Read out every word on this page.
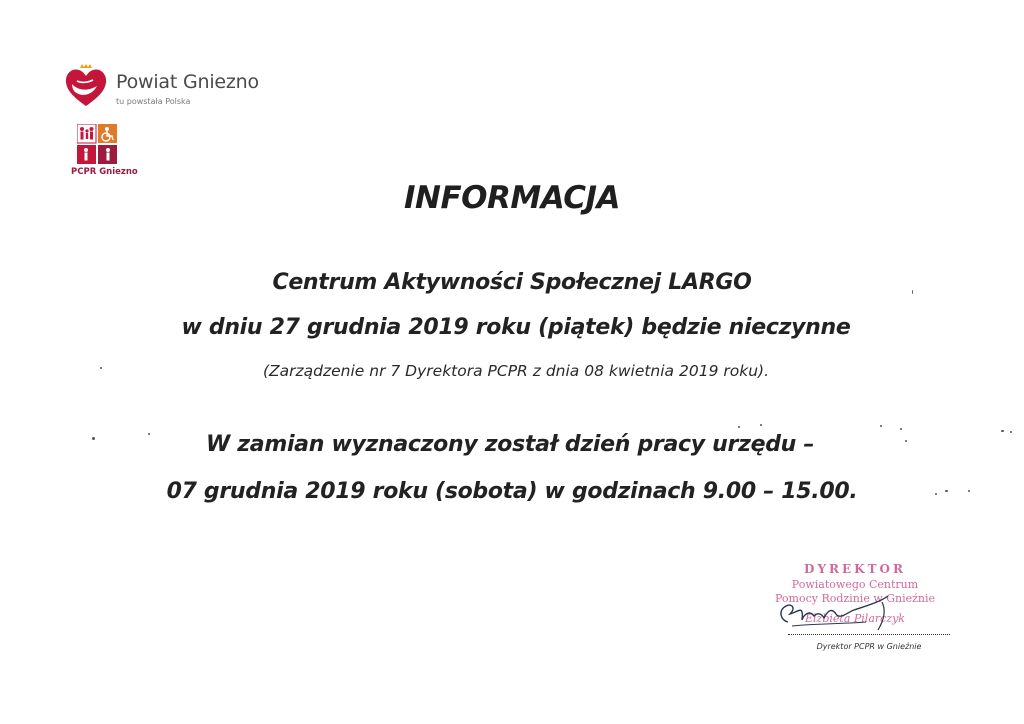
Powiat Gniezno
tu powstała Polska
PCPR Gniezno
INFORMACJA
Centrum Aktywności Społecznej LARGO
w dniu 27 grudnia 2019 roku (piątek) będzie nieczynne
(Zarządzenie nr 7 Dyrektora PCPR z dnia 08 kwietnia 2019 roku).
W zamian wyznaczony został dzień pracy urzędu –
07 grudnia 2019 roku (sobota) w godzinach 9.00 – 15.00.
DYREKTOR
Powiatowego Centrum
Pomocy Rodzinie w Gnieźnie
Elżbieta Pilarczyk
Dyrektor PCPR w Gnieźnie
